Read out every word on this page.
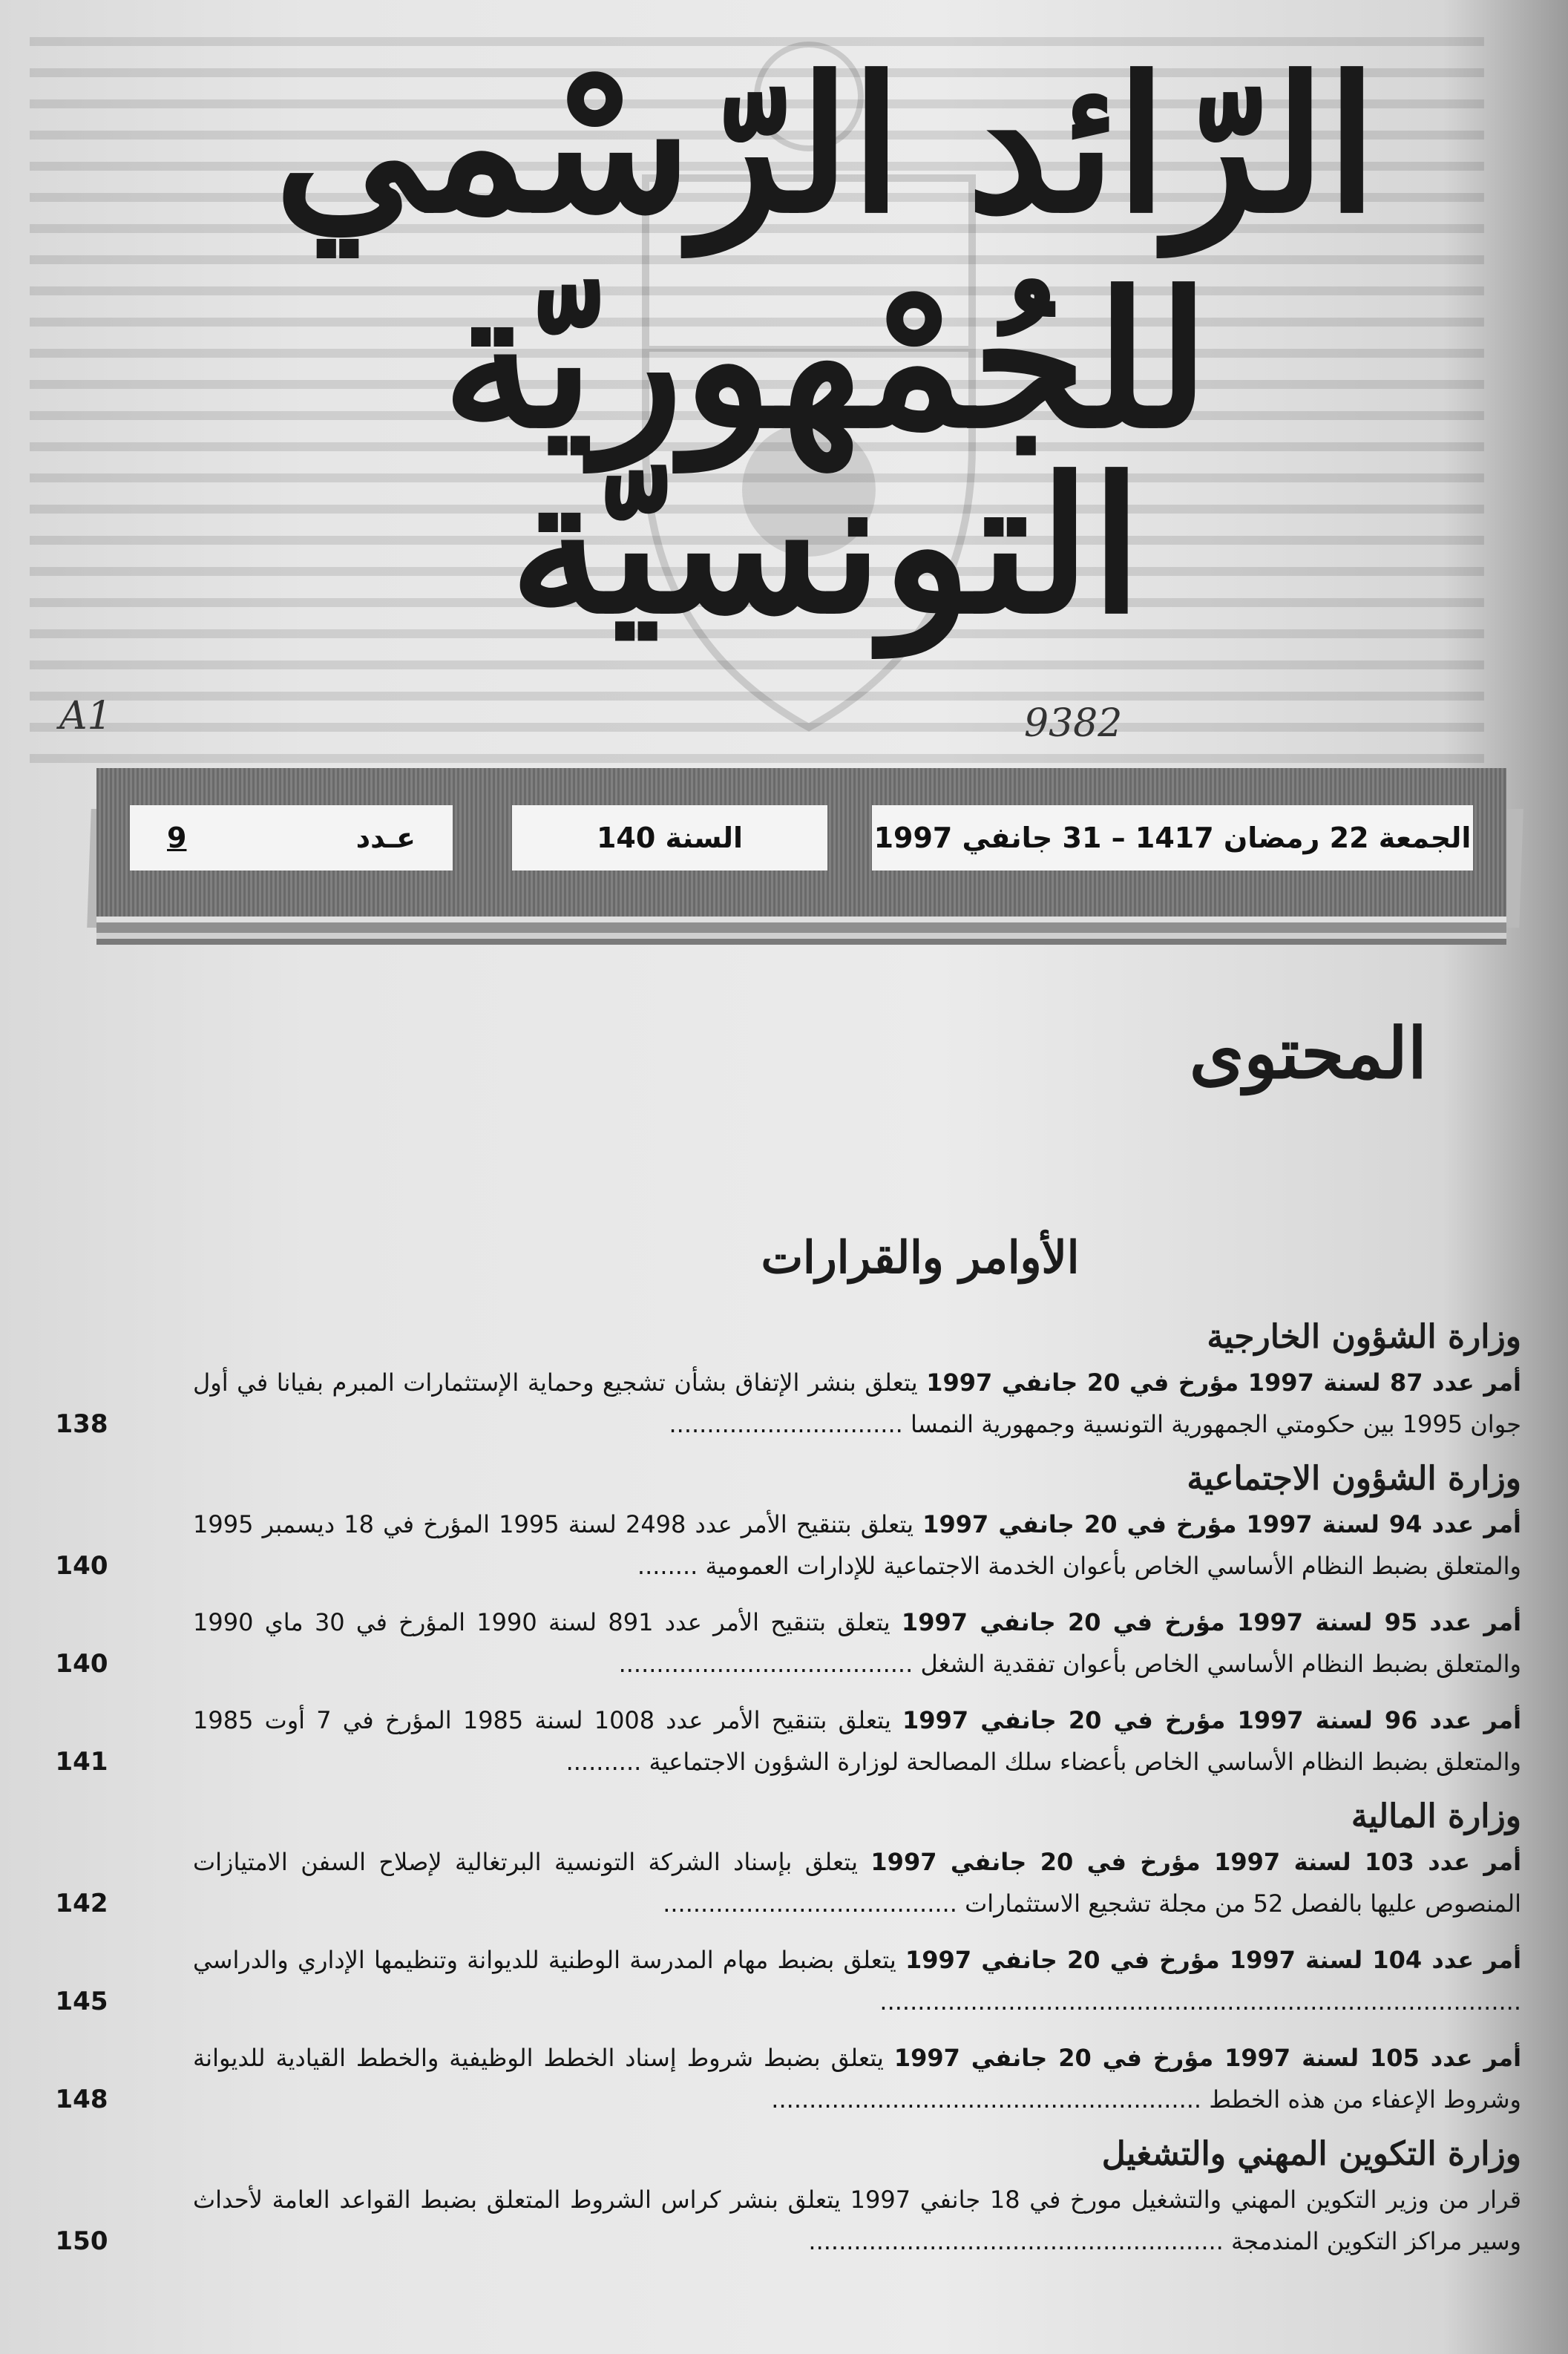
الرّائد الرّسْمي
للجُمْهوريّة التونسيّة
A1	9382
الجمعة 22 رمضان 1417 – 31 جانفي 1997
السنة 140
عـدد
9
المحتوى
الأوامر والقرارات
وزارة الشؤون الخارجية
أمر عدد 87 لسنة 1997 مؤرخ في 20 جانفي 1997 يتعلق بنشر الإتفاق بشأن تشجيع وحماية الإستثمارات المبرم بفيانا في أول جوان 1995 بين حكومتي الجمهورية التونسية وجمهورية النمسا ...............................
138
وزارة الشؤون الاجتماعية
أمر عدد 94 لسنة 1997 مؤرخ في 20 جانفي 1997 يتعلق بتنقيح الأمر عدد 2498 لسنة 1995 المؤرخ في 18 ديسمبر 1995 والمتعلق بضبط النظام الأساسي الخاص بأعوان الخدمة الاجتماعية للإدارات العمومية ........
140
أمر عدد 95 لسنة 1997 مؤرخ في 20 جانفي 1997 يتعلق بتنقيح الأمر عدد 891 لسنة 1990 المؤرخ في 30 ماي 1990 والمتعلق بضبط النظام الأساسي الخاص بأعوان تفقدية الشغل .......................................
140
أمر عدد 96 لسنة 1997 مؤرخ في 20 جانفي 1997 يتعلق بتنقيح الأمر عدد 1008 لسنة 1985 المؤرخ في 7 أوت 1985 والمتعلق بضبط النظام الأساسي الخاص بأعضاء سلك المصالحة لوزارة الشؤون الاجتماعية ..........
141
وزارة المالية
أمر عدد 103 لسنة 1997 مؤرخ في 20 جانفي 1997 يتعلق بإسناد الشركة التونسية البرتغالية لإصلاح السفن الامتيازات المنصوص عليها بالفصل 52 من مجلة تشجيع الاستثمارات .......................................
142
أمر عدد 104 لسنة 1997 مؤرخ في 20 جانفي 1997 يتعلق بضبط مهام المدرسة الوطنية للديوانة وتنظيمها الإداري والدراسي .....................................................................................
145
أمر عدد 105 لسنة 1997 مؤرخ في 20 جانفي 1997 يتعلق بضبط شروط إسناد الخطط الوظيفية والخطط القيادية للديوانة وشروط الإعفاء من هذه الخطط .........................................................
148
وزارة التكوين المهني والتشغيل
قرار من وزير التكوين المهني والتشغيل مورخ في 18 جانفي 1997 يتعلق بنشر كراس الشروط المتعلق بضبط القواعد العامة لأحداث وسير مراكز التكوين المندمجة .......................................................
150
